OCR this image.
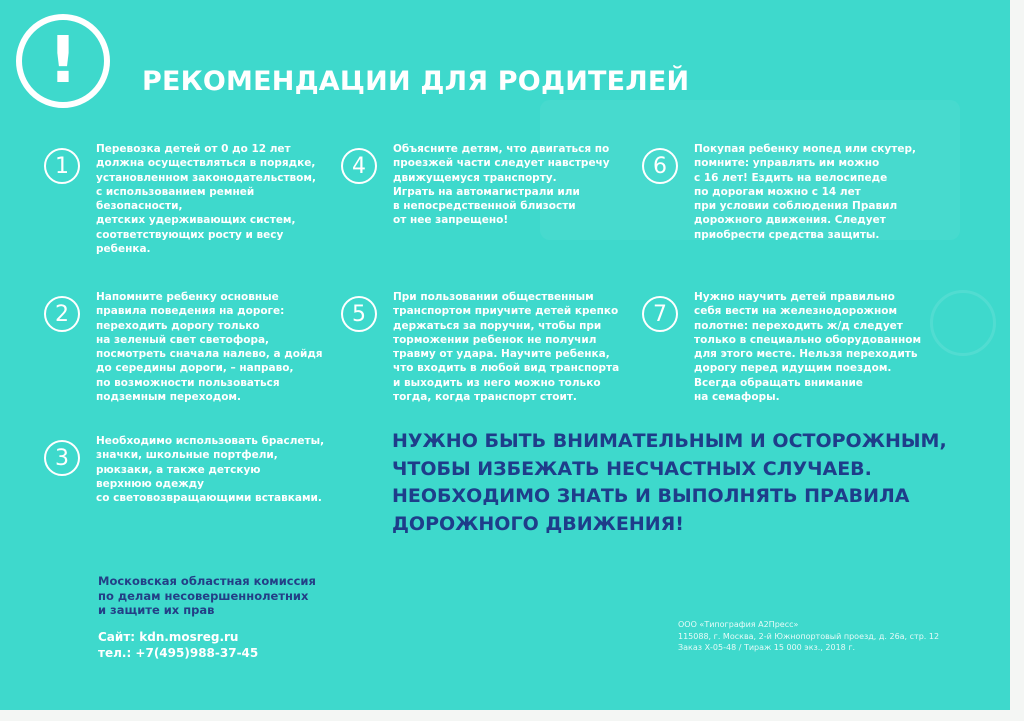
!	РЕКОМЕНДАЦИИ ДЛЯ РОДИТЕЛЕЙ
1
Перевозка детей от 0 до 12 лет
должна осуществляться в порядке,
установленном законодательством,
с использованием ремней
безопасности,
детских удерживающих систем,
соответствующих росту и весу
ребенка.
2
Напомните ребенку основные
правила поведения на дороге:
переходить дорогу только
на зеленый свет светофора,
посмотреть сначала налево, а дойдя
до середины дороги, – направо,
по возможности пользоваться
подземным переходом.
3
Необходимо использовать браслеты,
значки, школьные портфели,
рюкзаки, а также детскую
верхнюю одежду
со световозвращающими вставками.
4
Объясните детям, что двигаться по
проезжей части следует навстречу
движущемуся транспорту.
Играть на автомагистрали или
в непосредственной близости
от нее запрещено!
5
При пользовании общественным
транспортом приучите детей крепко
держаться за поручни, чтобы при
торможении ребенок не получил
травму от удара. Научите ребенка,
что входить в любой вид транспорта
и выходить из него можно только
тогда, когда транспорт стоит.
6
Покупая ребенку мопед или скутер,
помните: управлять им можно
с 16 лет! Ездить на велосипеде
по дорогам можно с 14 лет
при условии соблюдения Правил
дорожного движения. Следует
приобрести средства защиты.
7
Нужно научить детей правильно
себя вести на железнодорожном
полотне: переходить ж/д следует
только в специально оборудованном
для этого месте. Нельзя переходить
дорогу перед идущим поездом.
Всегда обращать внимание
на семафоры.
НУЖНО БЫТЬ ВНИМАТЕЛЬНЫМ И ОСТОРОЖНЫМ,
ЧТОБЫ ИЗБЕЖАТЬ НЕСЧАСТНЫХ СЛУЧАЕВ.
НЕОБХОДИМО ЗНАТЬ И ВЫПОЛНЯТЬ ПРАВИЛА
ДОРОЖНОГО ДВИЖЕНИЯ!
Московская областная комиссия
по делам несовершеннолетних
и защите их прав
Сайт: kdn.mosreg.ru
тел.: +7(495)988-37-45
ООО «Типография А2Пресс»
115088, г. Москва, 2-й Южнопортовый проезд, д. 26а, стр. 12
Заказ Х-05-48 / Тираж 15 000 экз., 2018 г.
